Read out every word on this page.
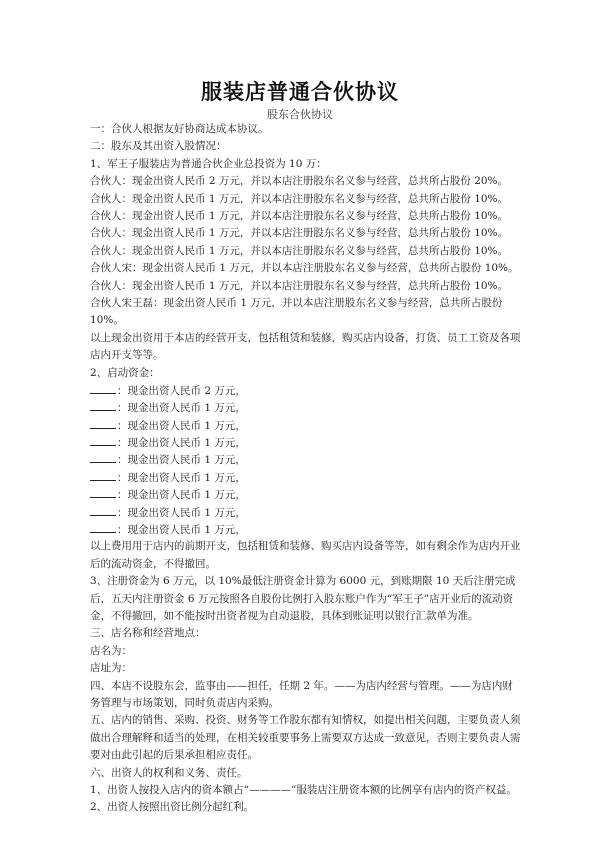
服装店普通合伙协议
股东合伙协议
一：合伙人根据友好协商达成本协议。
二：股东及其出资入股情况：
1、军王子服装店为普通合伙企业总投资为 10 万：
合伙人：现金出资人民币 2 万元，并以本店注册股东名义参与经营，总共所占股份 20%。
合伙人：现金出资人民币 1 万元，并以本店注册股东名义参与经营，总共所占股份 10%。
合伙人：现金出资人民币 1 万元，并以本店注册股东名义参与经营，总共所占股份 10%。
合伙人：现金出资人民币 1 万元，并以本店注册股东名义参与经营，总共所占股份 10%。
合伙人：现金出资人民币 1 万元，并以本店注册股东名义参与经营，总共所占股份 10%。
合伙人宋：现金出资人民币 1 万元，并以本店注册股东名义参与经营，总共所占股份 10%。
合伙人：现金出资人民币 1 万元，并以本店注册股东名义参与经营，总共所占股份 10%。
合伙人宋王磊：现金出资人民币 1 万元，并以本店注册股东名义参与经营，总共所占股份 10%。
以上现金出资用于本店的经营开支，包括租赁和装修，购买店内设备，打货、员工工资及各项店内开支等等。
2、启动资金：
：现金出资人民币 2 万元，
：现金出资人民币 1 万元，
：现金出资人民币 1 万元，
：现金出资人民币 1 万元，
：现金出资人民币 1 万元，
：现金出资人民币 1 万元，
：现金出资人民币 1 万元，
：现金出资人民币 1 万元，
：现金出资人民币 1 万元，
以上费用用于店内的前期开支，包括租赁和装修、购买店内设备等等，如有剩余作为店内开业后的流动资金，不得撤回。
3、注册资金为 6 万元，以 10%最低注册资金计算为 6000 元，到账期限 10 天后注册完成后，五天内注册资金 6 万元按照各自股份比例打入股东账户作为“军王子”店开业后的流动资金，不得撤回，如不能按时出资者视为自动退股，具体到账证明以银行汇款单为准。
三、店名称和经营地点：
店名为：
店址为：
四、本店不设股东会，监事由——担任，任期 2 年。——为店内经营与管理。——为店内财务管理与市场策划，同时负责店内采购。
五、店内的销售、采购、投资、财务等工作股东都有知情权，如提出相关问题，主要负责人须做出合理解释和适当的处理，在相关较重要事务上需要双方达成一致意见，否则主要负责人需要对由此引起的后果承担相应责任。
六、出资人的权利和义务、责任。
1、出资人按投入店内的资本额占“————”服装店注册资本额的比例享有店内的资产权益。
2、出资人按照出资比例分起红利。
